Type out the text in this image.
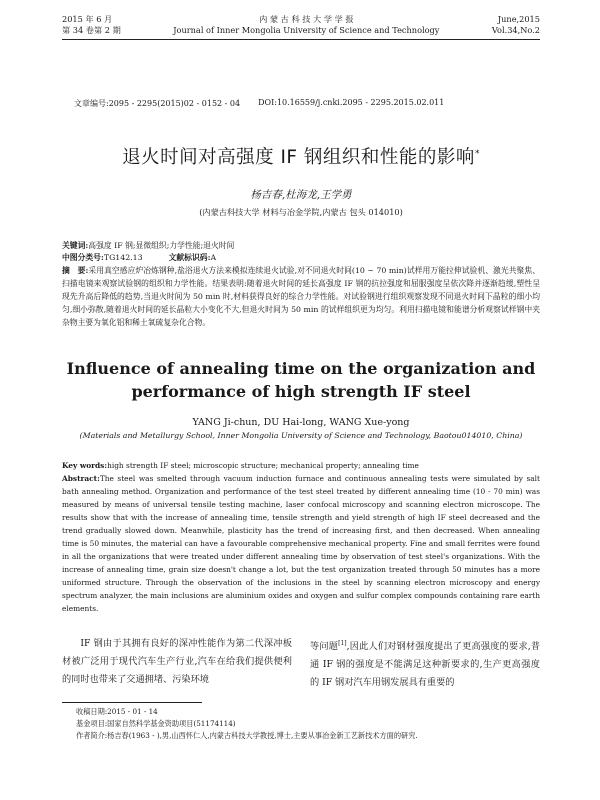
2015 年 6 月
第 34 卷第 2 期
内 蒙 古 科 技 大 学 学 报
Journal of Inner Mongolia University of Science and Technology
June,2015
Vol.34,No.2
文章编号:2095 - 2295(2015)02 - 0152 - 04 DOI:10.16559/j.cnki.2095 - 2295.2015.02.011
退火时间对高强度 IF 钢组织和性能的影响*
杨吉春,杜海龙,王学勇
(内蒙古科技大学 材料与冶金学院,内蒙古 包头 014010)
关键词:高强度 IF 钢;显微组织;力学性能;退火时间
中图分类号:TG142.13	文献标识码:A
摘　要:采用真空感应炉冶炼钢种,盐浴退火方法来模拟连续退火试验,对不同退火时间(10 ~ 70 min)试样用万能拉伸试验机、激光共聚焦、扫描电镜来观察试验钢的组织和力学性能。结果表明:随着退火时间的延长高强度 IF 钢的抗拉强度和屈服强度呈依次降并逐渐趋缓,塑性呈现先升高后降低的趋势,当退火时间为 50 min 时,材料获得良好的综合力学性能。对试验钢进行组织观察发现不同退火时间下晶粒的细小均匀,细小弥散,随着退火时间的延长晶粒大小变化不大,但退火时间为 50 min 的试样组织更为均匀。利用扫描电镜和能谱分析观察试样钢中夹杂物主要为氧化铝和稀土氧硫复杂化合物。
Influence of annealing time on the organization and
performance of high strength IF steel
YANG Ji-chun, DU Hai-long, WANG Xue-yong
(Materials and Metallurgy School, Inner Mongolia University of Science and Technology, Baotou014010, China)
Key words:high strength IF steel; microscopic structure; mechanical property; annealing time
Abstract:The steel was smelted through vacuum induction furnace and continuous annealing tests were simulated by salt bath annealing method. Organization and performance of the test steel treated by different annealing time (10 - 70 min) was measured by means of universal tensile testing machine, laser confocal microscopy and scanning electron microscope. The results show that with the increase of annealing time, tensile strength and yield strength of high IF steel decreased and the trend gradually slowed down. Meanwhile, plasticity has the trend of increasing first, and then decreased. When annealing time is 50 minutes, the material can have a favourable comprehensive mechanical property. Fine and small ferrites were found in all the organizations that were treated under different annealing time by observation of test steel's organizations. With the increase of annealing time, grain size doesn't change a lot, but the test organization treated through 50 minutes has a more uniformed structure. Through the observation of the inclusions in the steel by scanning electron microscopy and energy spectrum analyzer, the main inclusions are aluminium oxides and oxygen and sulfur complex compounds containing rare earth elements.
IF 钢由于其拥有良好的深冲性能作为第二代深冲板材被广泛用于现代汽车生产行业,汽车在给我们提供便利的同时也带来了交通拥堵、污染环境
等问题[1],因此人们对钢材强度提出了更高强度的要求,普通 IF 钢的强度是不能满足这种新要求的,生产更高强度的 IF 钢对汽车用钢发展具有重要的
收稿日期:2015 - 01 - 14
基金项目:国家自然科学基金资助项目(51174114)
作者简介:杨吉春(1963 - ),男,山西怀仁人,内蒙古科技大学教授,博士,主要从事冶金新工艺新技术方面的研究.
